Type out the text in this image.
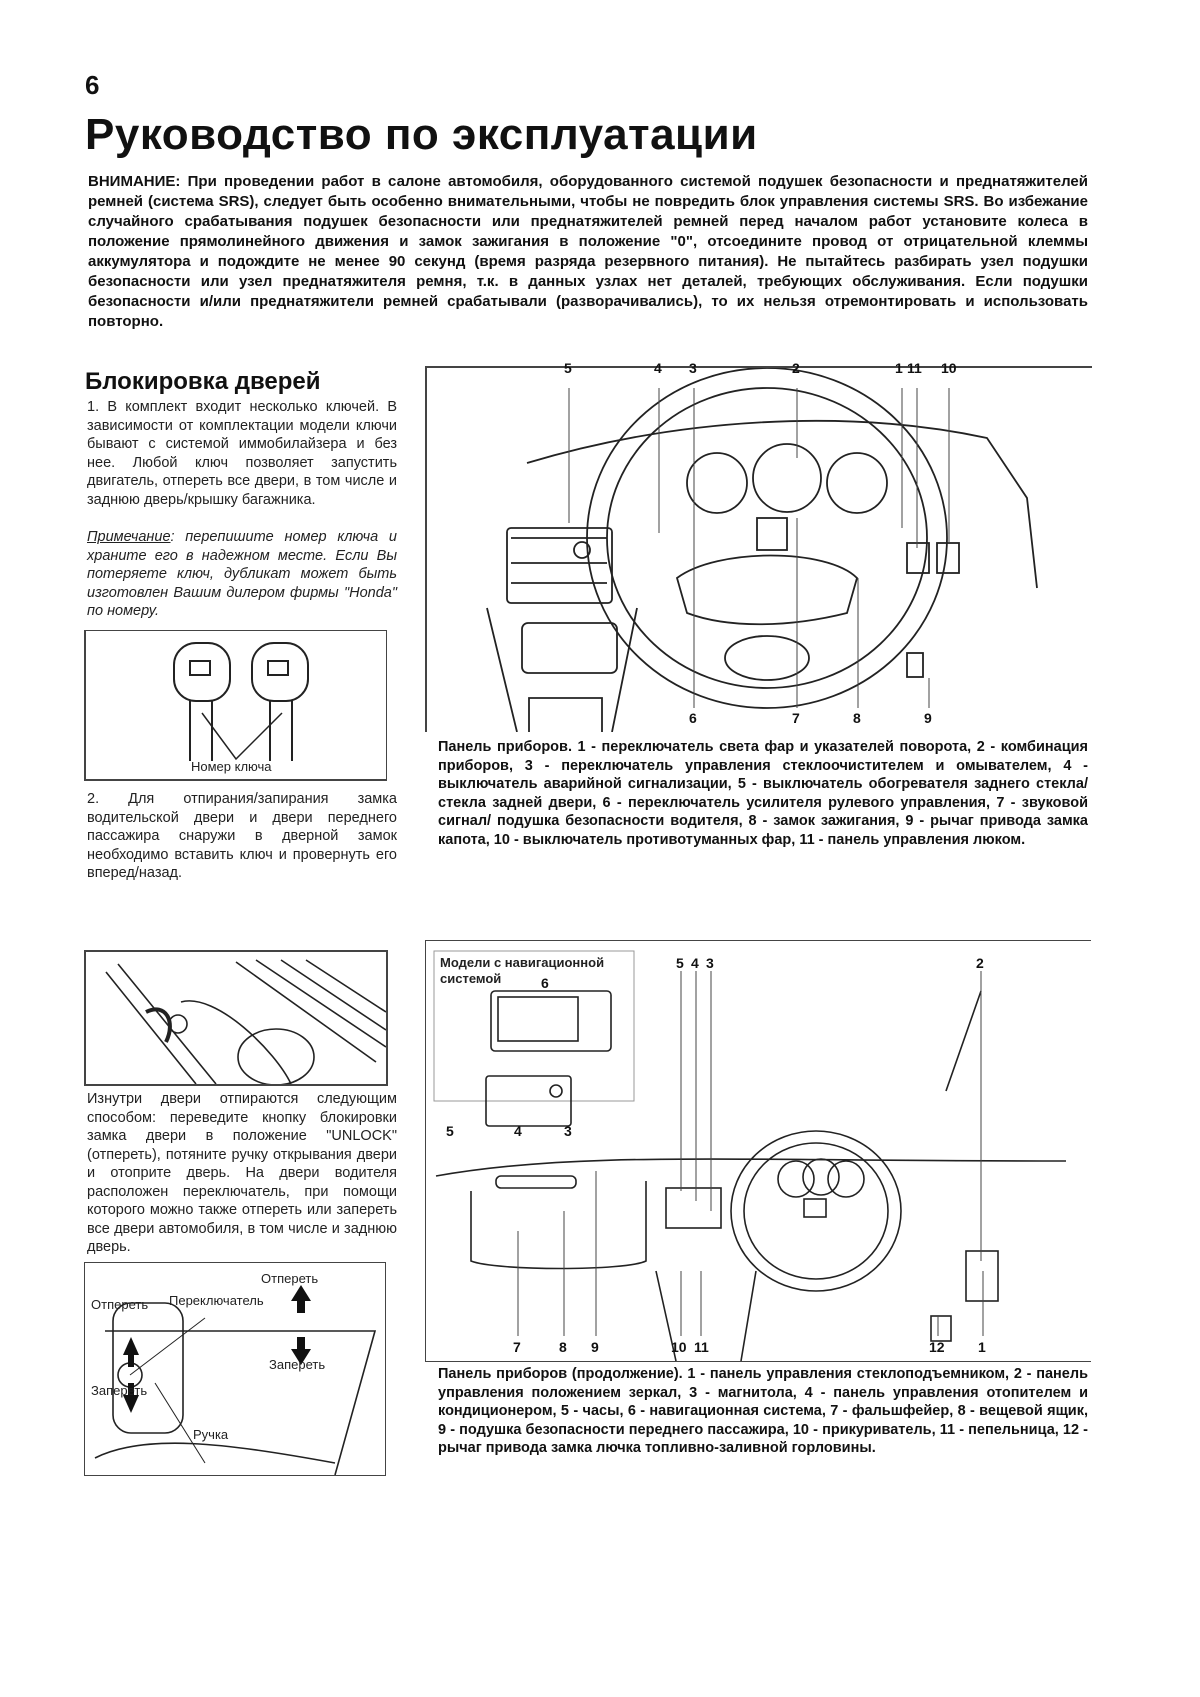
6
Руководство по эксплуатации
ВНИМАНИЕ: При проведении работ в салоне автомобиля, оборудованного системой подушек безопасности и преднатяжителей ремней (система SRS), следует быть особенно внимательными, чтобы не повредить блок управления системы SRS. Во избежание случайного срабатывания подушек безопасности или преднатяжителей ремней перед началом работ установите колеса в положение прямолинейного движения и замок зажигания в положение "0", отсоедините провод от отрицательной клеммы аккумулятора и подождите не менее 90 секунд (время разряда резервного питания). Не пытайтесь разбирать узел подушки безопасности или узел преднатяжителя ремня, т.к. в данных узлах нет деталей, требующих обслуживания. Если подушки безопасности и/или преднатяжители ремней срабатывали (разворачивались), то их нельзя отремонтировать и использовать повторно.
Блокировка дверей
1. В комплект входит несколько ключей. В зависимости от комплектации модели ключи бывают с системой иммобилайзера и без нее. Любой ключ позволяет запустить двигатель, отпереть все двери, в том числе и заднюю дверь/крышку багажника.
Примечание: перепишите номер ключа и храните его в надежном месте. Если Вы потеряете ключ, дубликат может быть изготовлен Вашим дилером фирмы "Honda" по номеру.
Номер ключа
2. Для отпирания/запирания замка водительской двери и двери переднего пассажира снаружи в дверной замок необходимо вставить ключ и провернуть его вперед/назад.
Изнутри двери отпираются следующим способом: переведите кнопку блокировки замка двери в положение "UNLOCK" (отпереть), потяните ручку открывания двери и отоприте дверь. На двери водителя расположен переключатель, при помощи которого можно также отпереть или запереть все двери автомобиля, в том числе и заднюю дверь.
Отпереть Переключатель
Отпереть
Запереть
Запереть
Ручка
5	4 3	2	1 11 10
6	7	8	9
Панель приборов. 1 - переключатель света фар и указателей поворота, 2 - комбинация приборов, 3 - переключатель управления стеклоочистителем и омывателем, 4 - выключатель аварийной сигнализации, 5 - выключатель обогревателя заднего стекла/стекла задней двери, 6 - переключатель усилителя рулевого управления, 7 - звуковой сигнал/ подушка безопасности водителя, 8 - замок зажигания, 9 - рычаг привода замка капота, 10 - выключатель противотуманных фар, 11 - панель управления люком.
Модели с навигационной системой	6
5	4	3
5 4 3	2
7	8 9	10 11	12 1
Панель приборов (продолжение). 1 - панель управления стеклоподъемником, 2 - панель управления положением зеркал, 3 - магнитола, 4 - панель управления отопителем и кондиционером, 5 - часы, 6 - навигационная система, 7 - фальшфейер, 8 - вещевой ящик, 9 - подушка безопасности переднего пассажира, 10 - прикуриватель, 11 - пепельница, 12 - рычаг привода замка лючка топливно-заливной горловины.
